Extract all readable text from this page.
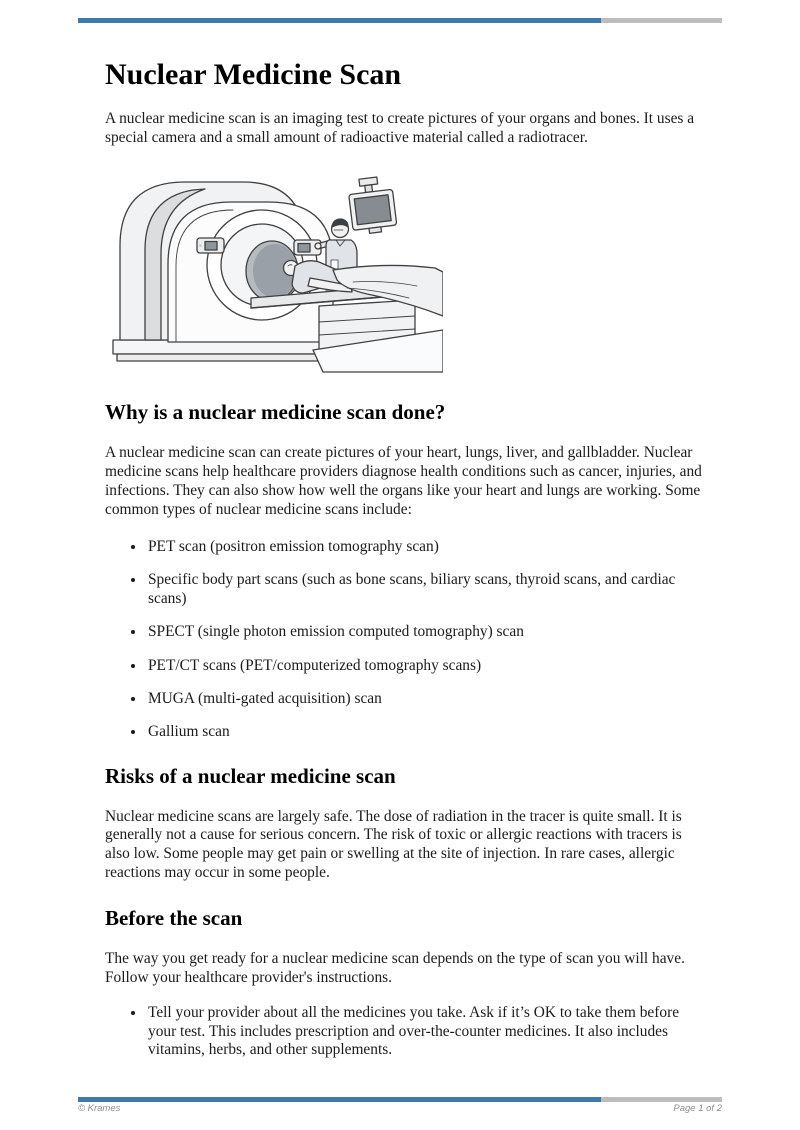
Nuclear Medicine Scan

A nuclear medicine scan is an imaging test to create pictures of your organs and bones. It uses a special camera and a small amount of radioactive material called a radiotracer.

Why is a nuclear medicine scan done?

A nuclear medicine scan can create pictures of your heart, lungs, liver, and gallbladder. Nuclear medicine scans help healthcare providers diagnose health conditions such as cancer, injuries, and infections. They can also show how well the organs like your heart and lungs are working. Some common types of nuclear medicine scans include:

• PET scan (positron emission tomography scan)
• Specific body part scans (such as bone scans, biliary scans, thyroid scans, and cardiac scans)
• SPECT (single photon emission computed tomography) scan
• PET/CT scans (PET/computerized tomography scans)
• MUGA (multi-gated acquisition) scan
• Gallium scan
Risks of a nuclear medicine scan

Nuclear medicine scans are largely safe. The dose of radiation in the tracer is quite small. It is generally not a cause for serious concern. The risk of toxic or allergic reactions with tracers is also low. Some people may get pain or swelling at the site of injection. In rare cases, allergic reactions may occur in some people.

Before the scan

The way you get ready for a nuclear medicine scan depends on the type of scan you will have. Follow your healthcare provider's instructions.

• Tell your provider about all the medicines you take. Ask if it’s OK to take them before your test. This includes prescription and over-the-counter medicines. It also includes vitamins, herbs, and other supplements.
© Krames	Page 1 of 2
